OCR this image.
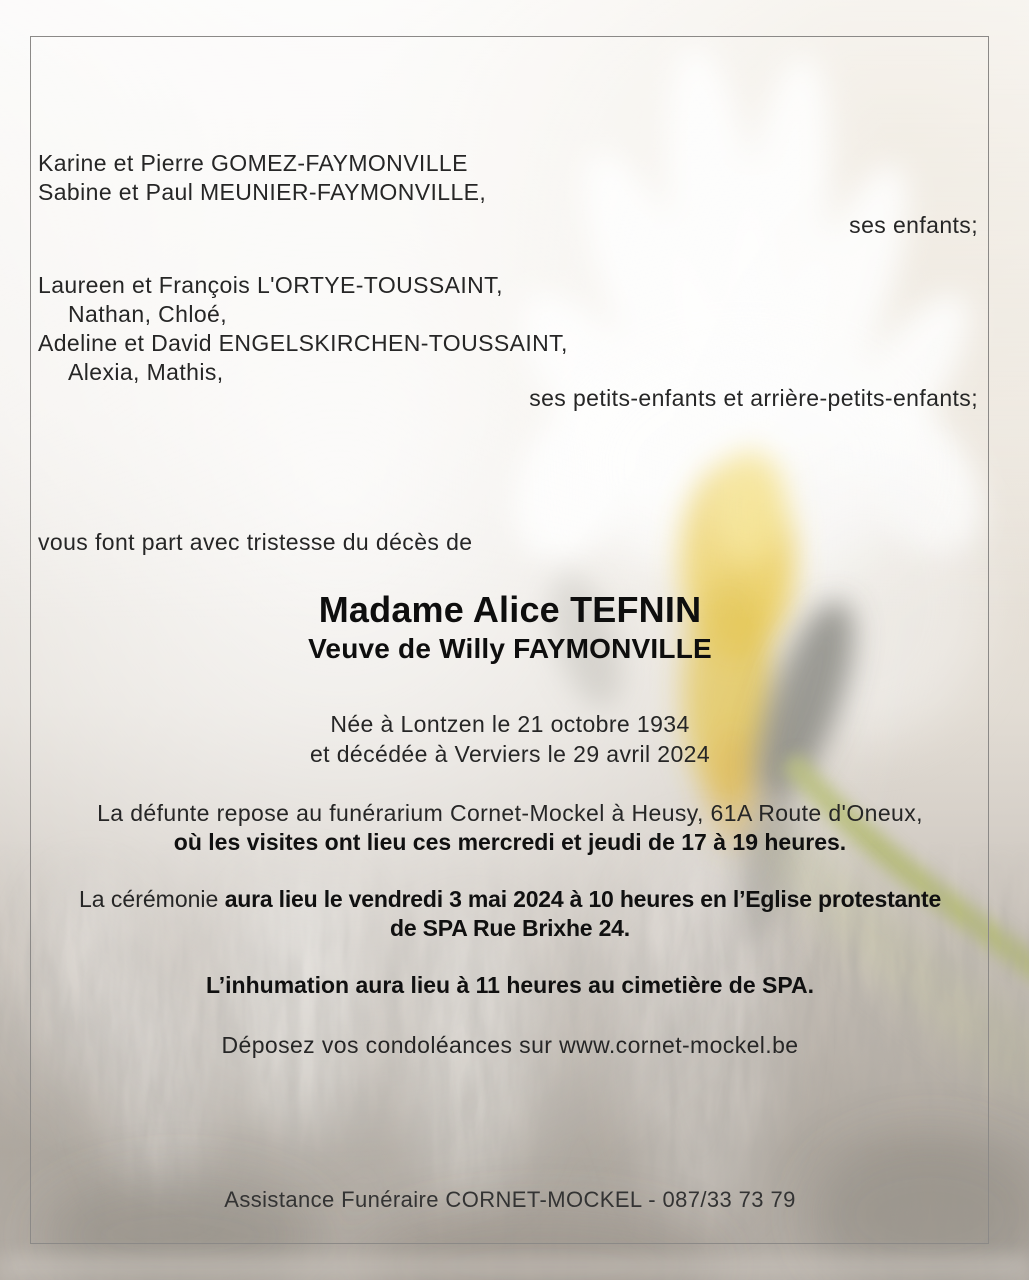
Karine et Pierre GOMEZ-FAYMONVILLE
Sabine et Paul MEUNIER-FAYMONVILLE,
ses enfants;
Laureen et François L'ORTYE-TOUSSAINT,
Nathan, Chloé,
Adeline et David ENGELSKIRCHEN-TOUSSAINT,
Alexia, Mathis,
ses petits-enfants et arrière-petits-enfants;
vous font part avec tristesse du décès de
Madame Alice TEFNIN
Veuve de Willy FAYMONVILLE
Née à Lontzen le 21 octobre 1934
et décédée à Verviers le 29 avril 2024
La défunte repose au funérarium Cornet-Mockel à Heusy, 61A Route d'Oneux,
où les visites ont lieu ces mercredi et jeudi de 17 à 19 heures.
La cérémonie aura lieu le vendredi 3 mai 2024 à 10 heures en l’Eglise protestante
de SPA Rue Brixhe 24.
L’inhumation aura lieu à 11 heures au cimetière de SPA.
Déposez vos condoléances sur www.cornet-mockel.be
Assistance Funéraire CORNET-MOCKEL - 087/33 73 79
